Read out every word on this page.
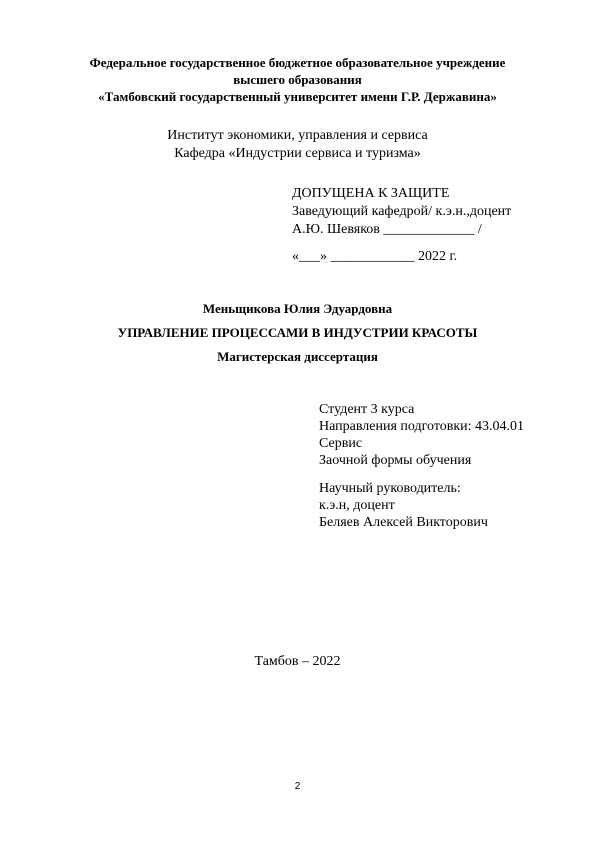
Федеральное государственное бюджетное образовательное учреждение
высшего образования
«Тамбовский государственный университет имени Г.Р. Державина»
Институт экономики, управления и сервиса
Кафедра «Индустрии сервиса и туризма»
ДОПУЩЕНА К ЗАЩИТЕ
Заведующий кафедрой/ к.э.н.,доцент
А.Ю. Шевяков _____________ /
«___» ____________ 2022 г.
Меньщикова Юлия Эдуардовна
УПРАВЛЕНИЕ ПРОЦЕССАМИ В ИНДУСТРИИ КРАСОТЫ
Магистерская диссертация
Студент 3 курса
Направления подготовки: 43.04.01
Сервис
Заочной формы обучения
Научный руководитель:
к.э.н, доцент
Беляев Алексей Викторович
Тамбов – 2022
2
